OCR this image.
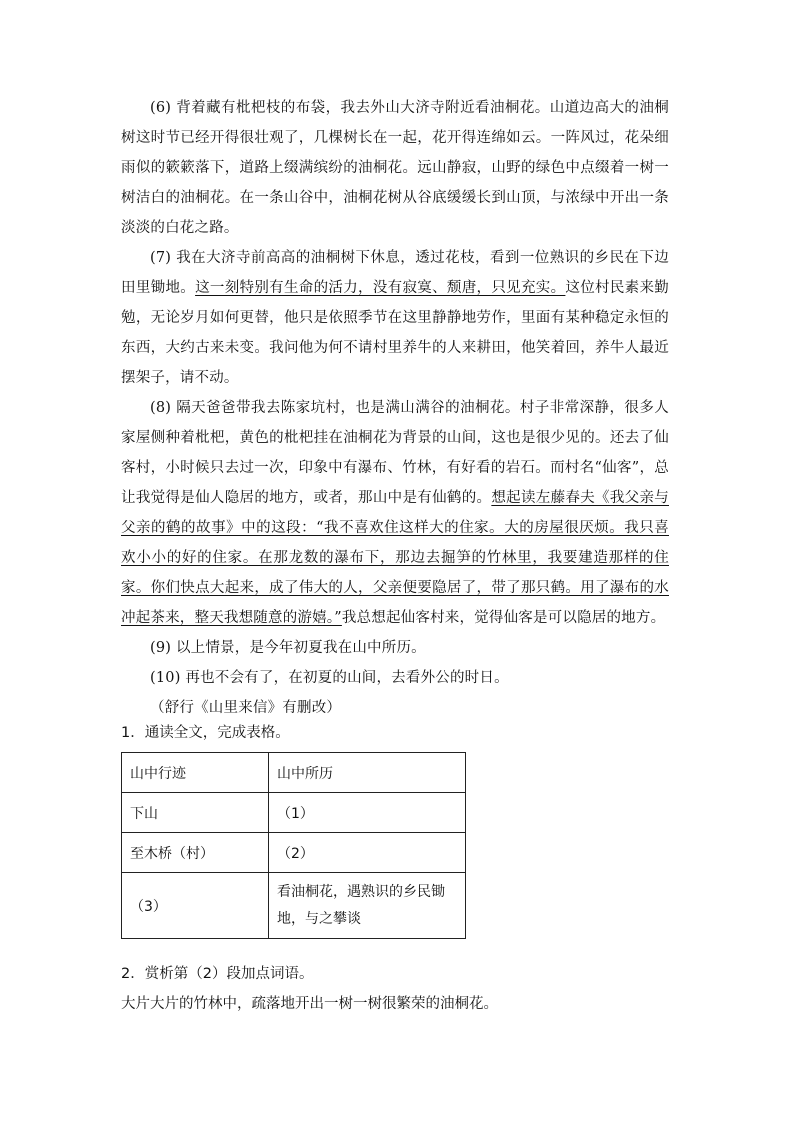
(6) 背着藏有枇杷枝的布袋，我去外山大济寺附近看油桐花。山道边高大的油桐树这时节已经开得很壮观了，几棵树长在一起，花开得连绵如云。一阵风过，花朵细雨似的簌簌落下，道路上缀满缤纷的油桐花。远山静寂，山野的绿色中点缀着一树一树洁白的油桐花。在一条山谷中，油桐花树从谷底缓缓长到山顶，与浓绿中开出一条淡淡的白花之路。

(7) 我在大济寺前高高的油桐树下休息，透过花枝，看到一位熟识的乡民在下边田里锄地。这一刻特别有生命的活力，没有寂寞、颓唐，只见充实。这位村民素来勤勉，无论岁月如何更替，他只是依照季节在这里静静地劳作，里面有某种稳定永恒的东西，大约古来未变。我问他为何不请村里养牛的人来耕田，他笑着回，养牛人最近摆架子，请不动。

(8) 隔天爸爸带我去陈家坑村，也是满山满谷的油桐花。村子非常深静，很多人家屋侧种着枇杷，黄色的枇杷挂在油桐花为背景的山间，这也是很少见的。还去了仙客村，小时候只去过一次，印象中有瀑布、竹林，有好看的岩石。而村名“仙客”，总让我觉得是仙人隐居的地方，或者，那山中是有仙鹤的。想起读左藤春夫《我父亲与父亲的鹤的故事》中的这段：“我不喜欢住这样大的住家。大的房屋很厌烦。我只喜欢小小的好的住家。在那龙数的瀑布下，那边去掘笋的竹林里，我要建造那样的住家。你们快点大起来，成了伟大的人，父亲便要隐居了，带了那只鹤。用了瀑布的水冲起茶来，整天我想随意的游嬉。”我总想起仙客村来，觉得仙客是可以隐居的地方。

(9) 以上情景，是今年初夏我在山中所历。

(10) 再也不会有了，在初夏的山间，去看外公的时日。

（舒行《山里来信》有删改）

1．通读全文，完成表格。
山中行迹	山中所历
下山	（1）
至木桥（村）	（2）
（3）	看油桐花，遇熟识的乡民锄地，与之攀谈
2．赏析第（2）段加点词语。
大片大片的竹林中，疏落地开出一树一树很繁荣的油桐花。
